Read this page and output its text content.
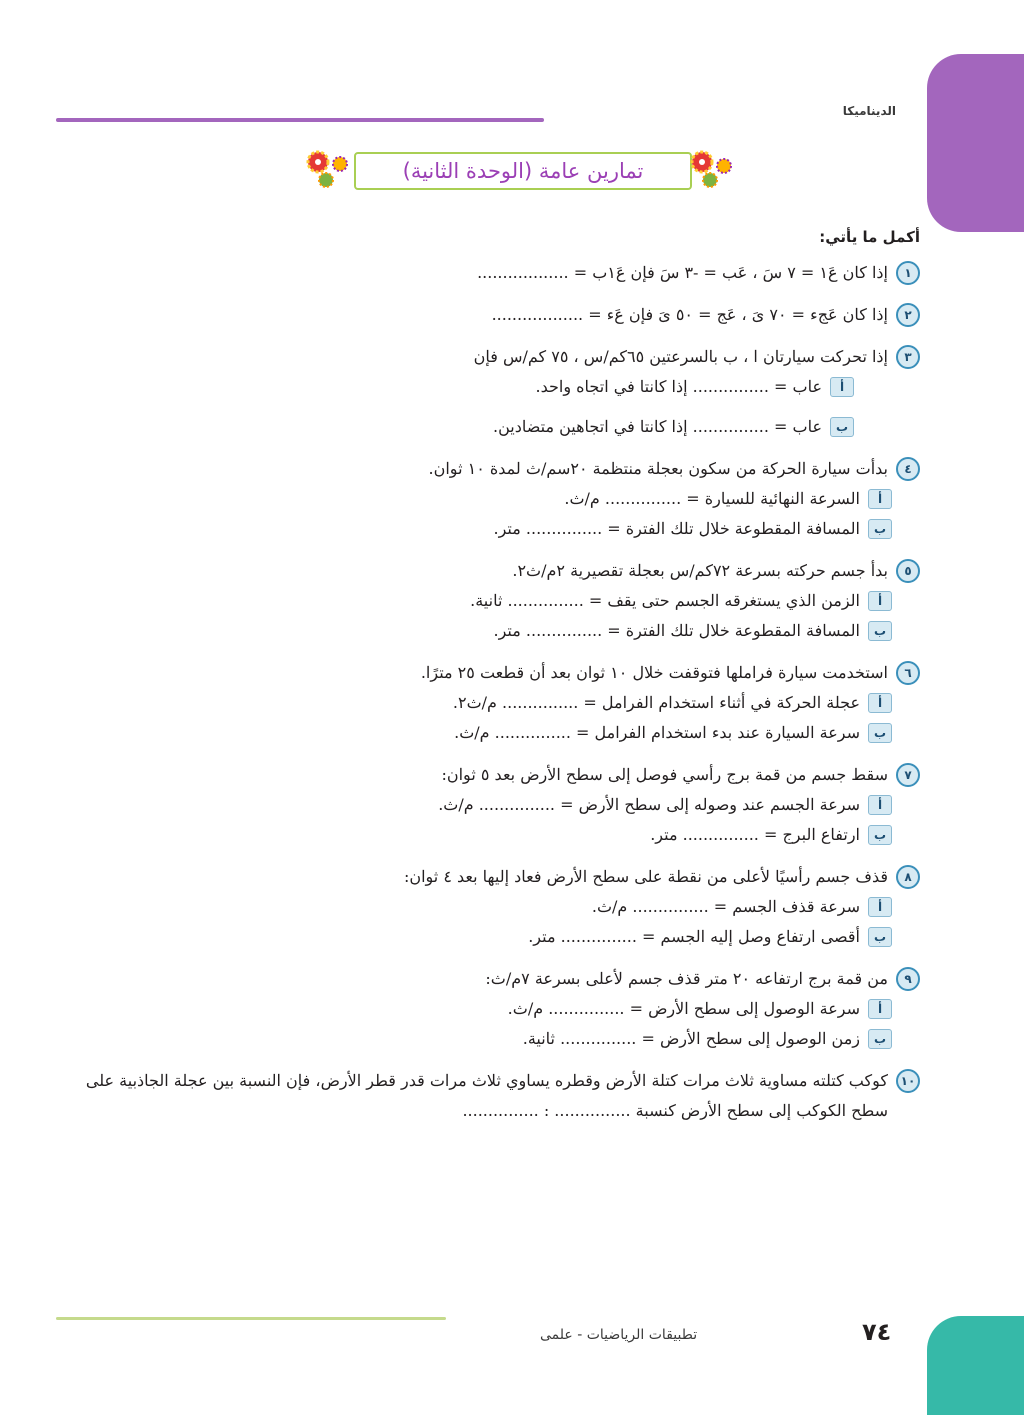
الديناميكا
تمارين عامة (الوحدة الثانية)
أكمل ما يأتي:
١
إذا كان عَ١ = ٧ سَ ، عَب = -٣ سَ فإن عَ١ب = ..................
٢
إذا كان عَجء = ٧٠ ىَ ، عَج = ٥٠ ىَ فإن عَء = ..................
٣
إذا تحركت سيارتان ا ، ب بالسرعتين ٦٥كم/س ، ٧٥ كم/س فإن
أ
عاب = ............... إذا كانتا في اتجاه واحد.
ب
عاب = ............... إذا كانتا في اتجاهين متضادين.
٤
بدأت سيارة الحركة من سكون بعجلة منتظمة ٢٠سم/ث لمدة ١٠ ثوان.
أ
السرعة النهائية للسيارة = ............... م/ث.
ب
المسافة المقطوعة خلال تلك الفترة = ............... متر.
٥
بدأ جسم حركته بسرعة ٧٢كم/س بعجلة تقصيرية ٢م/ث٢.
أ
الزمن الذي يستغرقه الجسم حتى يقف = ............... ثانية.
ب
المسافة المقطوعة خلال تلك الفترة = ............... متر.
٦
استخدمت سيارة فراملها فتوقفت خلال ١٠ ثوان بعد أن قطعت ٢٥ مترًا.
أ
عجلة الحركة في أثناء استخدام الفرامل = ............... م/ث٢.
ب
سرعة السيارة عند بدء استخدام الفرامل = ............... م/ث.
٧
سقط جسم من قمة برج رأسي فوصل إلى سطح الأرض بعد ٥ ثوان:
أ
سرعة الجسم عند وصوله إلى سطح الأرض = ............... م/ث.
ب
ارتفاع البرج = ............... متر.
٨
قذف جسم رأسيًا لأعلى من نقطة على سطح الأرض فعاد إليها بعد ٤ ثوان:
أ
سرعة قذف الجسم = ............... م/ث.
ب
أقصى ارتفاع وصل إليه الجسم = ............... متر.
٩
من قمة برج ارتفاعه ٢٠ متر قذف جسم لأعلى بسرعة ٧م/ث:
أ
سرعة الوصول إلى سطح الأرض = ............... م/ث.
ب
زمن الوصول إلى سطح الأرض = ............... ثانية.
١٠
كوكب كتلته مساوية ثلاث مرات كتلة الأرض وقطره يساوي ثلاث مرات قدر قطر الأرض، فإن النسبة بين عجلة الجاذبية على سطح الكوكب إلى سطح الأرض كنسبة ............... : ...............
٧٤
تطبيقات الرياضيات - علمى
